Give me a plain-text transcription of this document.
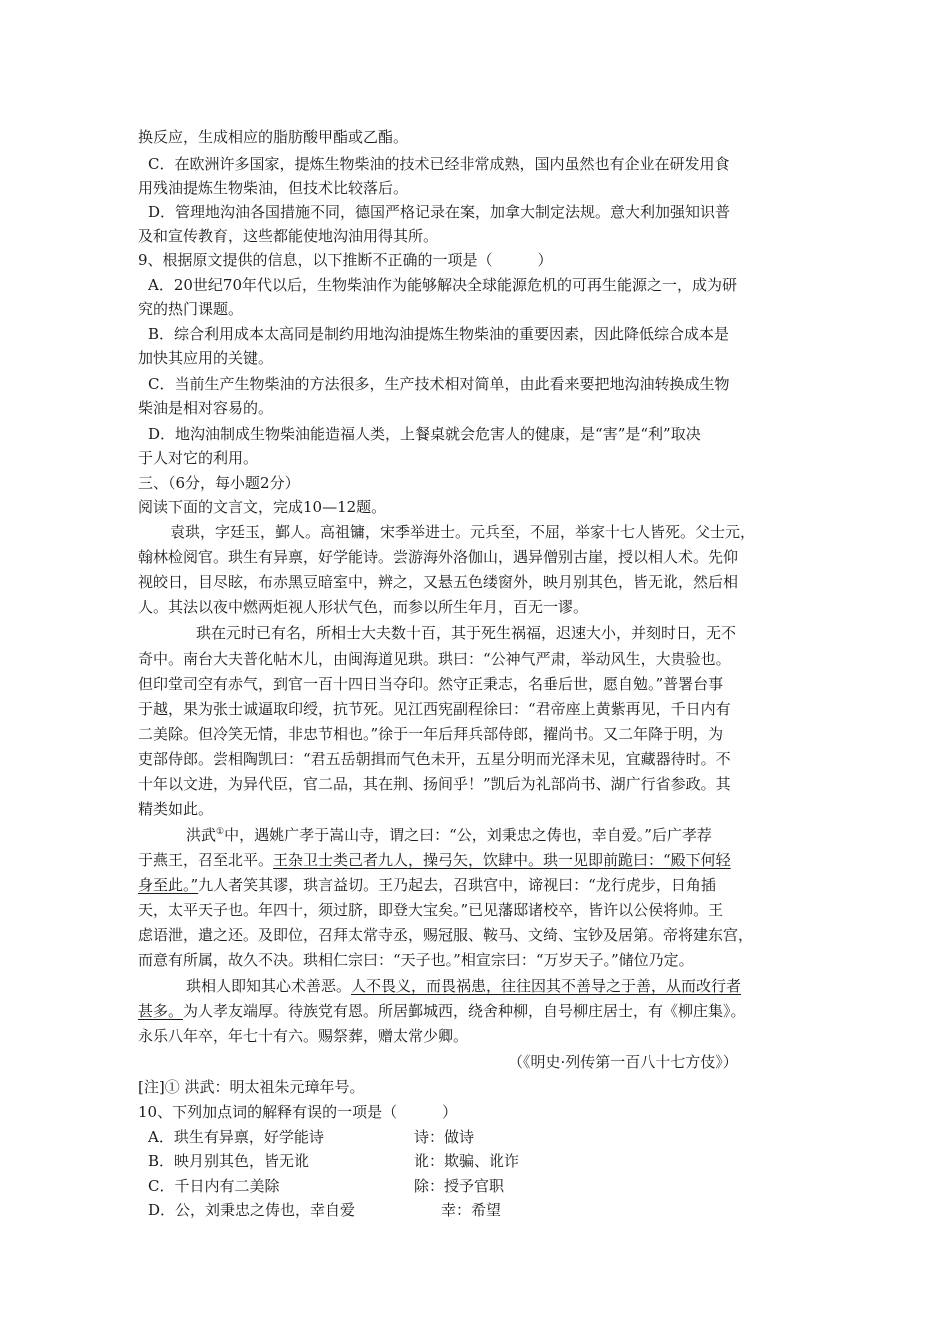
换反应，生成相应的脂肪酸甲酯或乙酯。
C．在欧洲许多国家，提炼生物柴油的技术已经非常成熟，国内虽然也有企业在研发用食
用残油提炼生物柴油，但技术比较落后。
D．管理地沟油各国措施不同，德国严格记录在案，加拿大制定法规。意大利加强知识普
及和宣传教育，这些都能使地沟油用得其所。
9、根据原文提供的信息，以下推断不正确的一项是（　　　）
A．20世纪70年代以后，生物柴油作为能够解决全球能源危机的可再生能源之一，成为研
究的热门课题。
B．综合利用成本太高同是制约用地沟油提炼生物柴油的重要因素，因此降低综合成本是
加快其应用的关键。
C．当前生产生物柴油的方法很多，生产技术相对简单，由此看来要把地沟油转换成生物
柴油是相对容易的。
D．地沟油制成生物柴油能造福人类，上餐桌就会危害人的健康，是“害”是“利”取决
于人对它的利用。
三、（6分，每小题2分）
阅读下面的文言文，完成10—12题。
袁珙，字廷玉，鄞人。高祖镛，宋季举进士。元兵至，不屈，举家十七人皆死。父士元，
翰林检阅官。珙生有异禀，好学能诗。尝游海外洛伽山，遇异僧别古崖，授以相人术。先仰
视皎日，目尽眩，布赤黑豆暗室中，辨之，又悬五色缕窗外，映月别其色，皆无讹，然后相
人。其法以夜中燃两炬视人形状气色，而参以所生年月，百无一谬。
珙在元时已有名，所相士大夫数十百，其于死生祸福，迟速大小，并刻时日，无不
奇中。南台大夫普化帖木儿，由闽海道见珙。珙曰：“公神气严肃，举动风生，大贵验也。
但印堂司空有赤气，到官一百十四日当夺印。然守正秉志，名垂后世，愿自勉。”普署台事
于越，果为张士诚逼取印绶，抗节死。见江西宪副程徐曰：“君帝座上黄紫再见，千日内有
二美除。但冷笑无情，非忠节相也。”徐于一年后拜兵部侍郎，擢尚书。又二年降于明，为
吏部侍郎。尝相陶凯曰：“君五岳朝揖而气色未开，五星分明而光泽未见，宜藏器待时。不
十年以文进，为异代臣，官二品，其在荆、扬间乎！”凯后为礼部尚书、湖广行省参政。其
精类如此。
洪武①中，遇姚广孝于嵩山寺，谓之曰：“公，刘秉忠之俦也，幸自爱。”后广孝荐
于燕王，召至北平。王杂卫士类己者九人，操弓矢，饮肆中。珙一见即前跪曰：“殿下何轻
身至此。”九人者笑其谬，珙言益切。王乃起去，召珙宫中，谛视曰：“龙行虎步，日角插
天，太平天子也。年四十，须过脐，即登大宝矣。”已见藩邸诸校卒，皆许以公侯将帅。王
虑语泄，遣之还。及即位，召拜太常寺丞，赐冠服、鞍马、文绮、宝钞及居第。帝将建东宫，
而意有所属，故久不决。珙相仁宗曰：“天子也。”相宣宗曰：“万岁天子。”储位乃定。
珙相人即知其心术善恶。人不畏义，而畏祸患，往往因其不善导之于善，从而改行者
甚多。为人孝友端厚。待族党有恩。所居鄞城西，绕舍种柳，自号柳庄居士，有《柳庄集》。
永乐八年卒，年七十有六。赐祭葬，赠太常少卿。
（《明史·列传第一百八十七方伎》）
[注]① 洪武：明太祖朱元璋年号。
10、下列加点词的解释有误的一项是（　　　）
A．珙生有异禀，好学能诗	诗：做诗
B．映月别其色，皆无讹	讹：欺骗、讹诈
C．千日内有二美除	除：授予官职
D．公，刘秉忠之俦也，幸自爱	幸：希望
